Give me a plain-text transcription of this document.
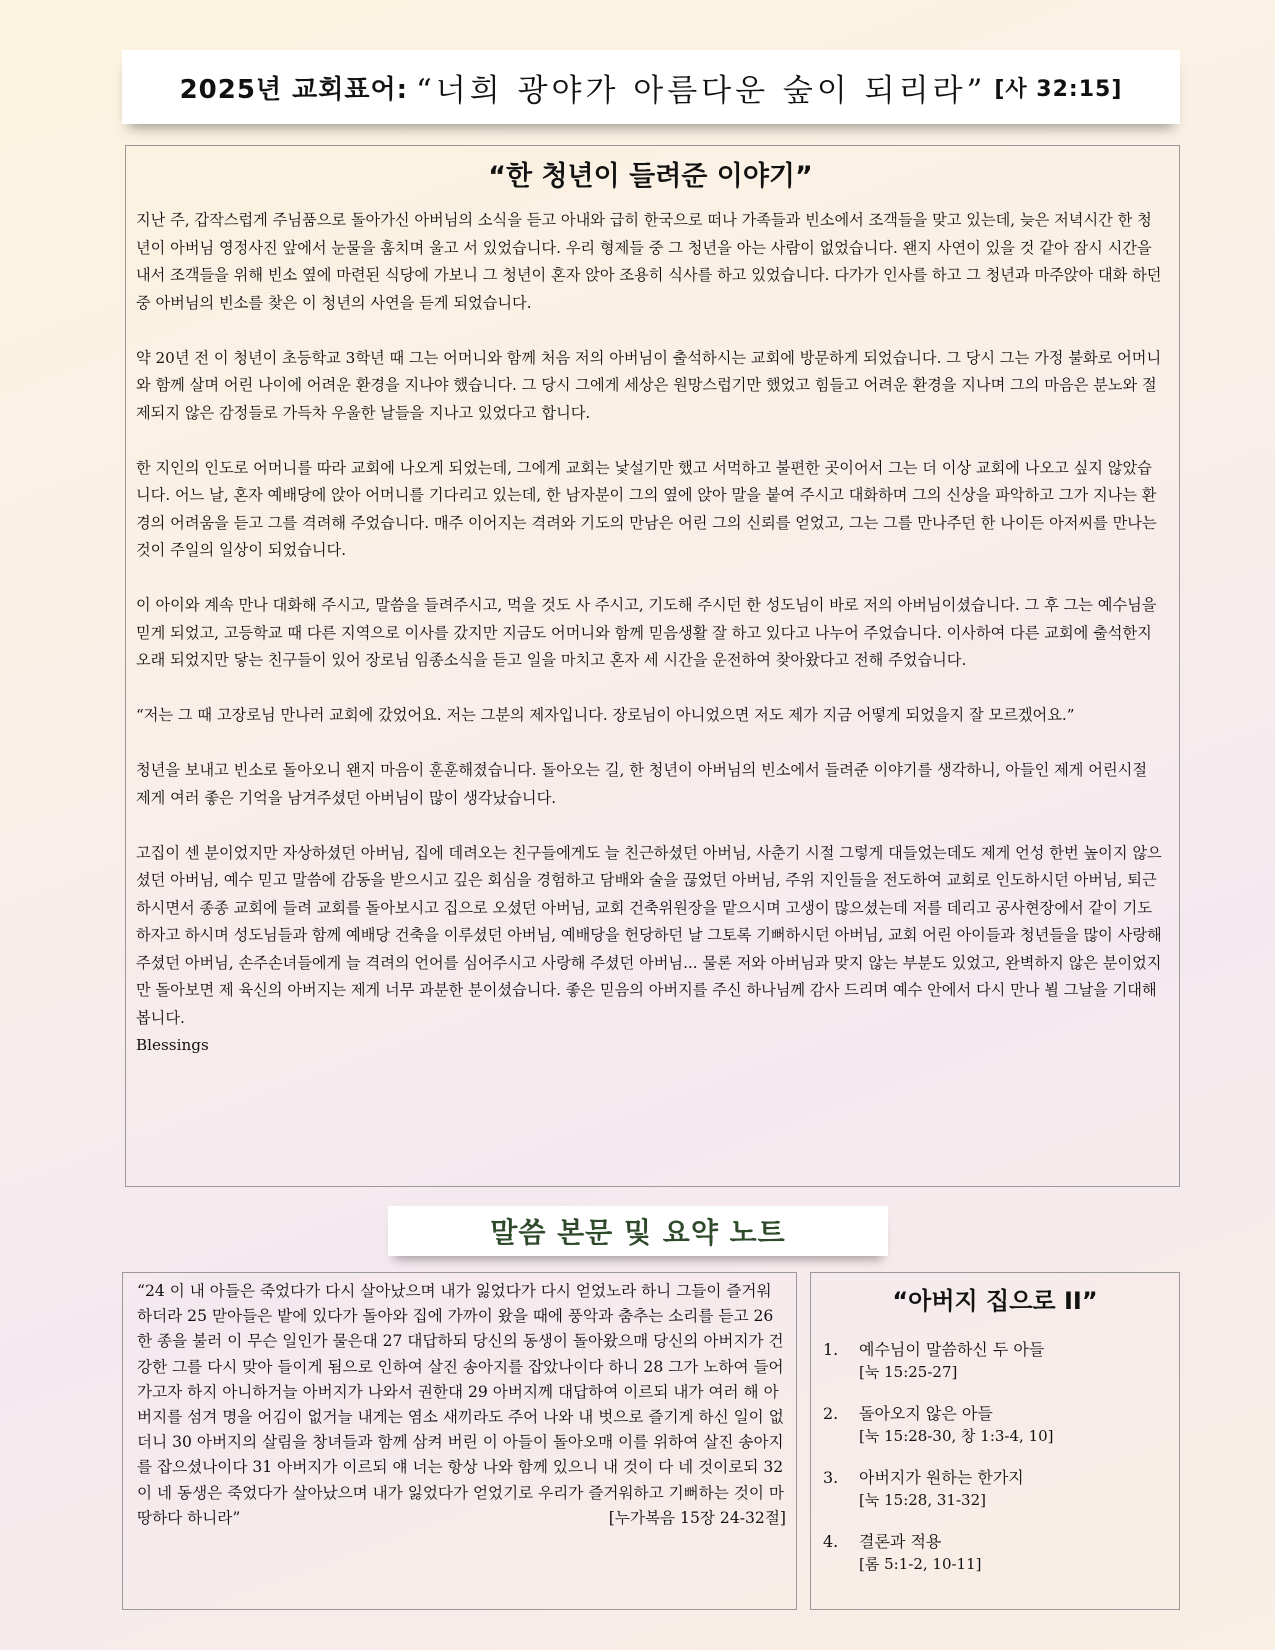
2025년 교회표어: “너희 광야가 아름다운 숲이 되리라” [사 32:15]
“한 청년이 들려준 이야기”

지난 주, 갑작스럽게 주님품으로 돌아가신 아버님의 소식을 듣고 아내와 급히 한국으로 떠나 가족들과 빈소에서 조객들을 맞고 있는데, 늦은 저녁시간 한 청년이 아버님 영정사진 앞에서 눈물을 훔치며 울고 서 있었습니다. 우리 형제들 중 그 청년을 아는 사람이 없었습니다. 왠지 사연이 있을 것 같아 잠시 시간을 내서 조객들을 위해 빈소 옆에 마련된 식당에 가보니 그 청년이 혼자 앉아 조용히 식사를 하고 있었습니다. 다가가 인사를 하고 그 청년과 마주앉아 대화 하던 중 아버님의 빈소를 찾은 이 청년의 사연을 듣게 되었습니다.

약 20년 전 이 청년이 초등학교 3학년 때 그는 어머니와 함께 처음 저의 아버님이 출석하시는 교회에 방문하게 되었습니다. 그 당시 그는 가정 불화로 어머니와 함께 살며 어린 나이에 어려운 환경을 지나야 했습니다. 그 당시 그에게 세상은 원망스럽기만 했었고 힘들고 어려운 환경을 지나며 그의 마음은 분노와 절제되지 않은 감정들로 가득차 우울한 날들을 지나고 있었다고 합니다.

한 지인의 인도로 어머니를 따라 교회에 나오게 되었는데, 그에게 교회는 낯설기만 했고 서먹하고 불편한 곳이어서 그는 더 이상 교회에 나오고 싶지 않았습니다. 어느 날, 혼자 예배당에 앉아 어머니를 기다리고 있는데, 한 남자분이 그의 옆에 앉아 말을 붙여 주시고 대화하며 그의 신상을 파악하고 그가 지나는 환경의 어려움을 듣고 그를 격려해 주었습니다. 매주 이어지는 격려와 기도의 만남은 어린 그의 신뢰를 얻었고, 그는 그를 만나주던 한 나이든 아저씨를 만나는 것이 주일의 일상이 되었습니다.

이 아이와 계속 만나 대화해 주시고, 말씀을 들려주시고, 먹을 것도 사 주시고, 기도해 주시던 한 성도님이 바로 저의 아버님이셨습니다. 그 후 그는 예수님을 믿게 되었고, 고등학교 때 다른 지역으로 이사를 갔지만 지금도 어머니와 함께 믿음생활 잘 하고 있다고 나누어 주었습니다. 이사하여 다른 교회에 출석한지 오래 되었지만 닿는 친구들이 있어 장로님 임종소식을 듣고 일을 마치고 혼자 세 시간을 운전하여 찾아왔다고 전해 주었습니다.

“저는 그 때 고장로님 만나러 교회에 갔었어요. 저는 그분의 제자입니다. 장로님이 아니었으면 저도 제가 지금 어떻게 되었을지 잘 모르겠어요.”

청년을 보내고 빈소로 돌아오니 왠지 마음이 훈훈해졌습니다. 돌아오는 길, 한 청년이 아버님의 빈소에서 들려준 이야기를 생각하니, 아들인 제게 어린시절 제게 여러 좋은 기억을 남겨주셨던 아버님이 많이 생각났습니다.

고집이 센 분이었지만 자상하셨던 아버님, 집에 데려오는 친구들에게도 늘 친근하셨던 아버님, 사춘기 시절 그렇게 대들었는데도 제게 언성 한번 높이지 않으셨던 아버님, 예수 믿고 말씀에 감동을 받으시고 깊은 회심을 경험하고 담배와 술을 끊었던 아버님, 주위 지인들을 전도하여 교회로 인도하시던 아버님, 퇴근하시면서 종종 교회에 들려 교회를 돌아보시고 집으로 오셨던 아버님, 교회 건축위원장을 맡으시며 고생이 많으셨는데 저를 데리고 공사현장에서 같이 기도하자고 하시며 성도님들과 함께 예배당 건축을 이루셨던 아버님, 예배당을 헌당하던 날 그토록 기뻐하시던 아버님, 교회 어린 아이들과 청년들을 많이 사랑해 주셨던 아버님, 손주손녀들에게 늘 격려의 언어를 심어주시고 사랑해 주셨던 아버님... 물론 저와 아버님과 맞지 않는 부분도 있었고, 완벽하지 않은 분이었지만 돌아보면 제 육신의 아버지는 제게 너무 과분한 분이셨습니다. 좋은 믿음의 아버지를 주신 하나님께 감사 드리며 예수 안에서 다시 만나 뵐 그날을 기대해 봅니다.

Blessings
말씀 본문 및 요약 노트

“24 이 내 아들은 죽었다가 다시 살아났으며 내가 잃었다가 다시 얻었노라 하니 그들이 즐거워하더라 25 맏아들은 밭에 있다가 돌아와 집에 가까이 왔을 때에 풍악과 춤추는 소리를 듣고 26 한 종을 불러 이 무슨 일인가 물은대 27 대답하되 당신의 동생이 돌아왔으매 당신의 아버지가 건강한 그를 다시 맞아 들이게 됨으로 인하여 살진 송아지를 잡았나이다 하니 28 그가 노하여 들어가고자 하지 아니하거늘 아버지가 나와서 권한대 29 아버지께 대답하여 이르되 내가 여러 해 아버지를 섬겨 명을 어김이 없거늘 내게는 염소 새끼라도 주어 나와 내 벗으로 즐기게 하신 일이 없더니 30 아버지의 살림을 창녀들과 함께 삼켜 버린 이 아들이 돌아오매 이를 위하여 살진 송아지를 잡으셨나이다 31 아버지가 이르되 얘 너는 항상 나와 함께 있으니 내 것이 다 네 것이로되 32 이 네 동생은 죽었다가 살아났으며 내가 잃었다가 얻었기로 우리가 즐거워하고 기뻐하는 것이 마땅하다 하니라”	[누가복음 15장 24-32절]

“아버지 집으로 II”
1.	예수님이 말씀하신 두 아들
[눅 15:25-27]
2.	돌아오지 않은 아들
[눅 15:28-30, 창 1:3-4, 10]
3.	아버지가 원하는 한가지
[눅 15:28, 31-32]
4.	결론과 적용
[롬 5:1-2, 10-11]
